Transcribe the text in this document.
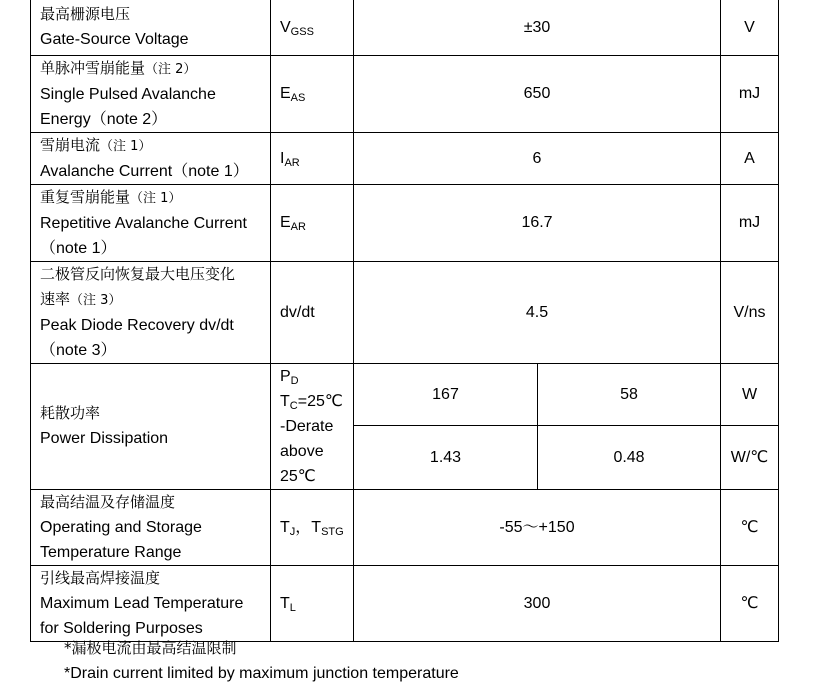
最高栅源电压
Gate-Source Voltage	$V_{GSS}$	±30		V

单脉冲雪崩能量（注 2）
Single Pulsed Avalanche
Energy（note 2）	$E_{AS}$	650		mJ

雪崩电流（注 1）
Avalanche Current（note 1）	$I_{AR}$	6		A

重复雪崩能量（注 1）
Repetitive Avalanche Current
（note 1）	$E_{AR}$	16.7		mJ

二极管反向恢复最大电压变化
速率（注 3）
Peak Diode Recovery dv/dt
（note 3）	dv/dt	4.5		V/ns

耗散功率
Power Dissipation	$P_D$
$T_C=25℃$
-Derate
above
25℃	167	58	W
		1.43	0.48	W/℃

最高结温及存储温度
Operating and Storage
Temperature Range	$T_J$，$T_{STG}$	-55～+150		℃

引线最高焊接温度
Maximum Lead Temperature
for Soldering Purposes	$T_L$	300		℃
*漏极电流由最高结温限制
*Drain current limited by maximum junction temperature
